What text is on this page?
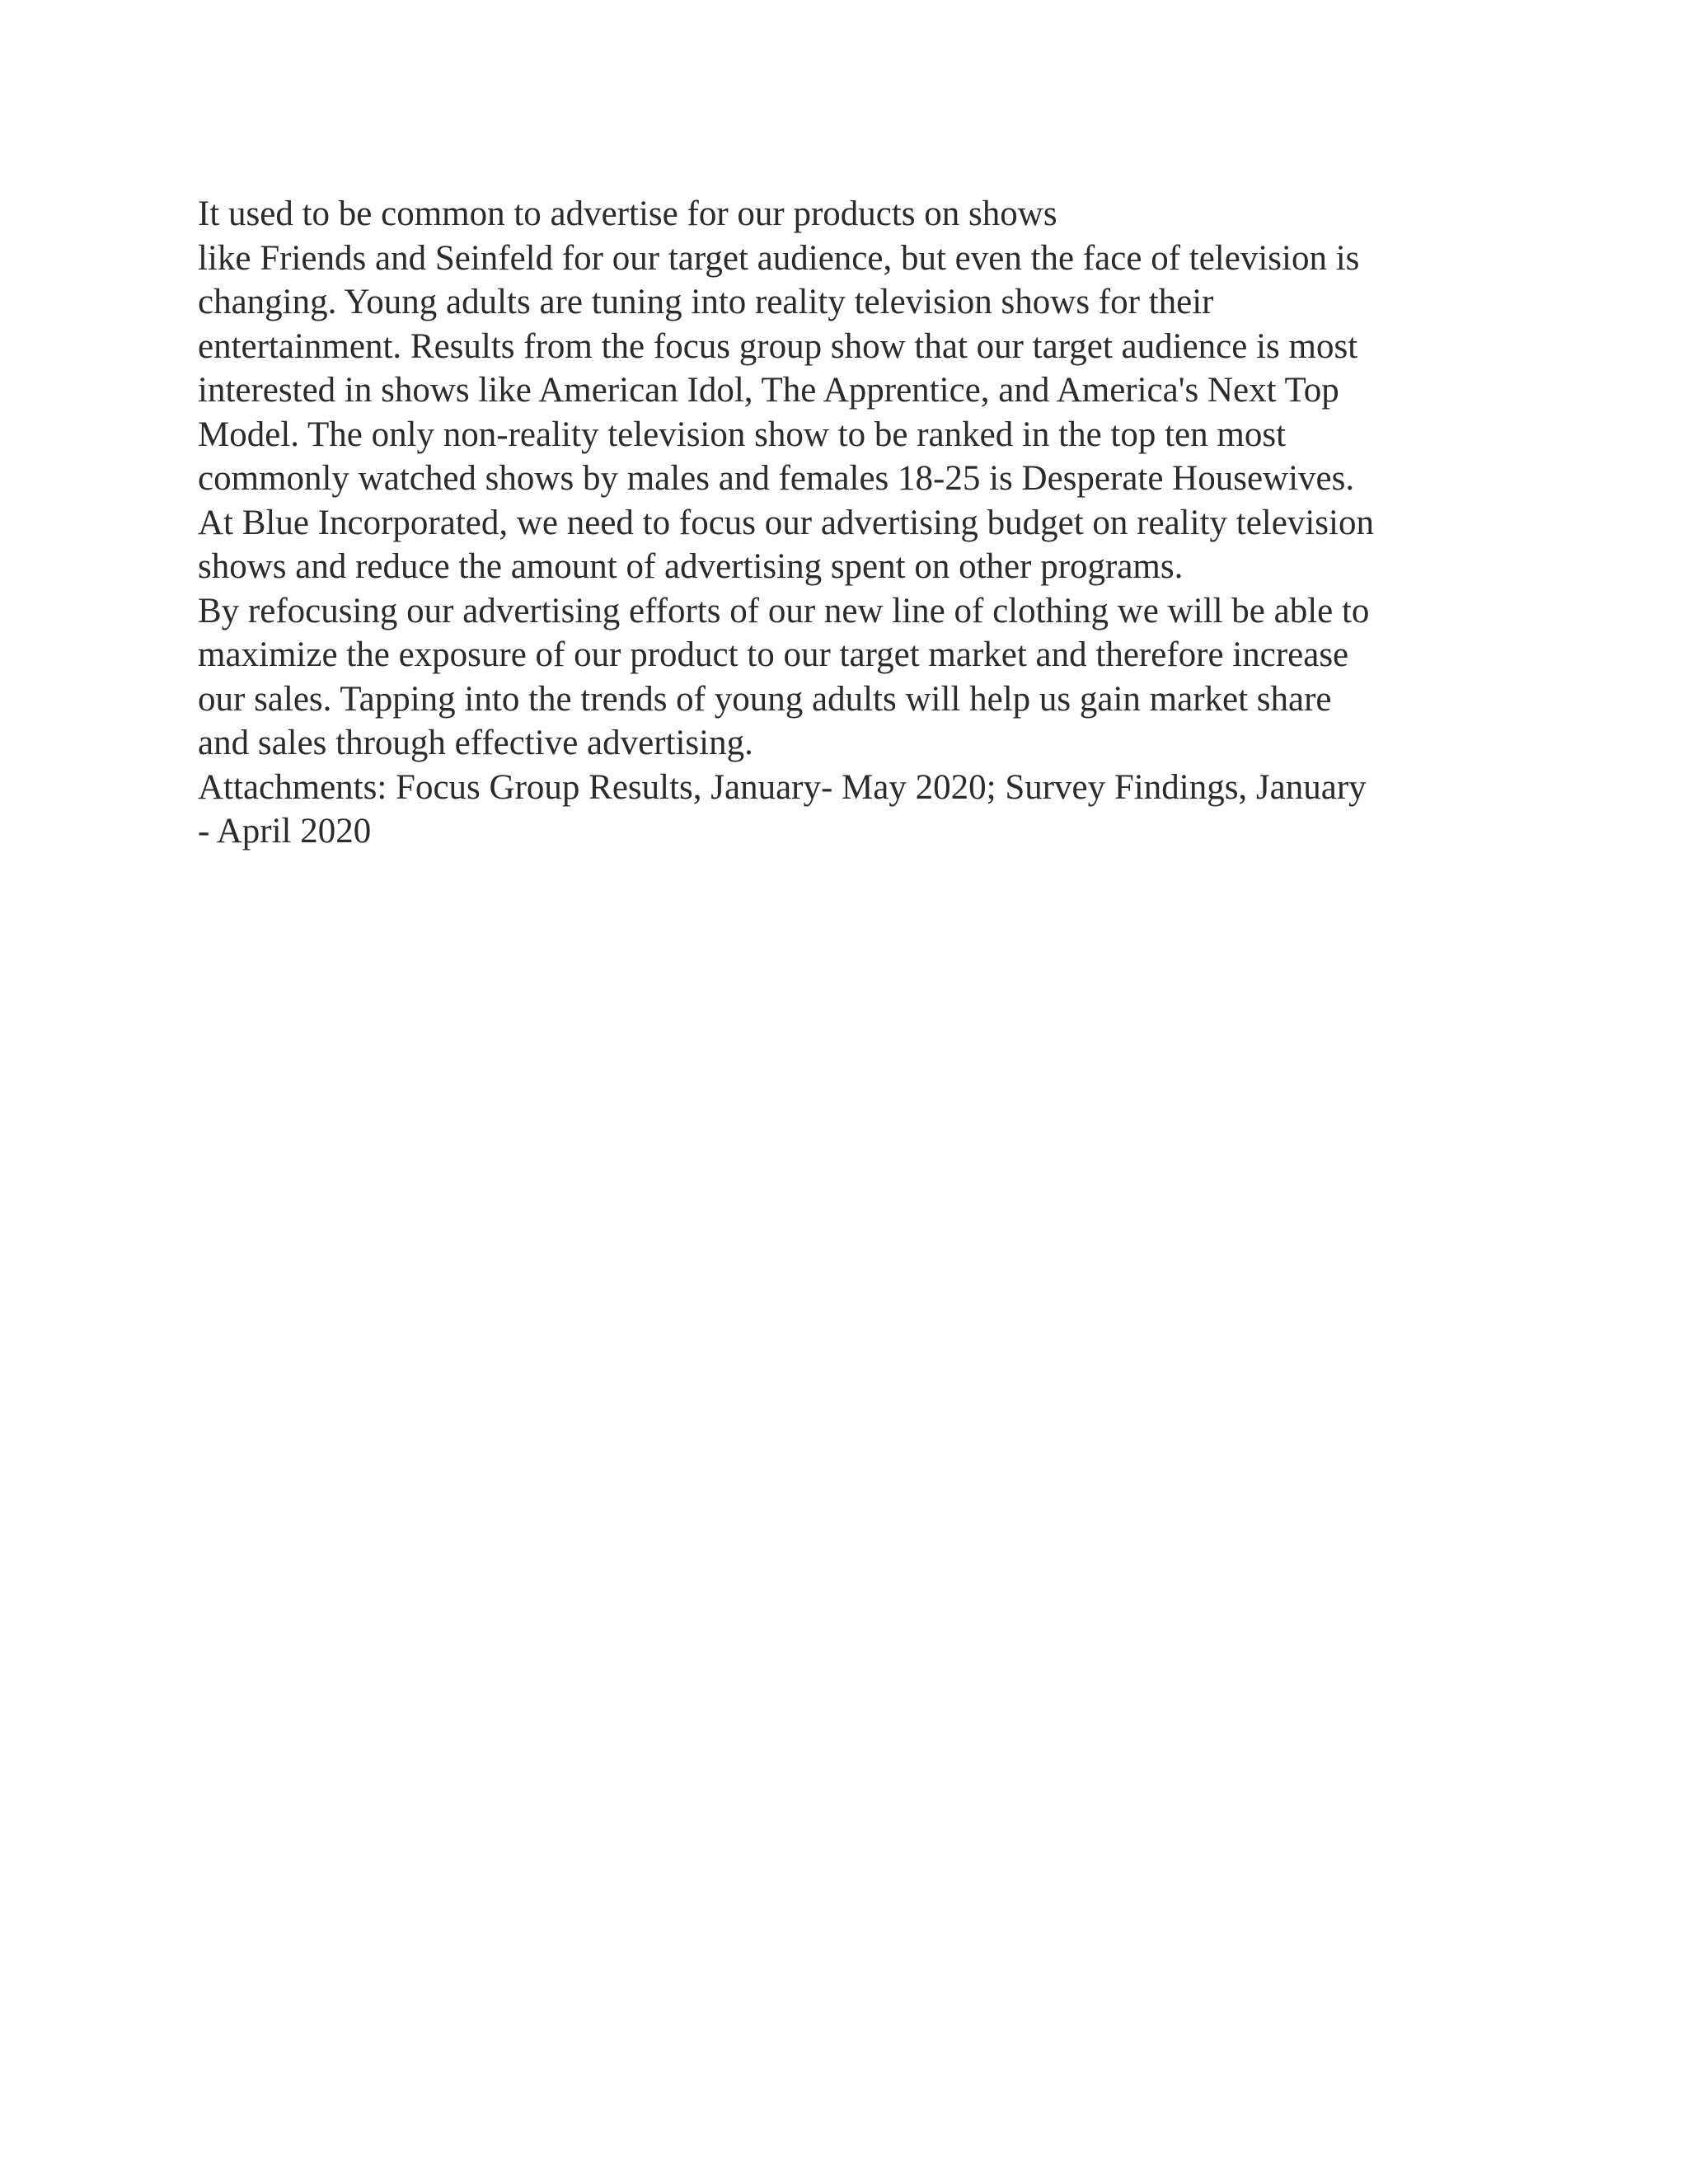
It used to be common to advertise for our products on shows
like Friends and Seinfeld for our target audience, but even the face of television is
changing. Young adults are tuning into reality television shows for their
entertainment. Results from the focus group show that our target audience is most
interested in shows like American Idol, The Apprentice, and America's Next Top
Model. The only non-reality television show to be ranked in the top ten most
commonly watched shows by males and females 18-25 is Desperate Housewives.
At Blue Incorporated, we need to focus our advertising budget on reality television
shows and reduce the amount of advertising spent on other programs.
By refocusing our advertising efforts of our new line of clothing we will be able to
maximize the exposure of our product to our target market and therefore increase
our sales. Tapping into the trends of young adults will help us gain market share
and sales through effective advertising.
Attachments: Focus Group Results, January- May 2020; Survey Findings, January
- April 2020
